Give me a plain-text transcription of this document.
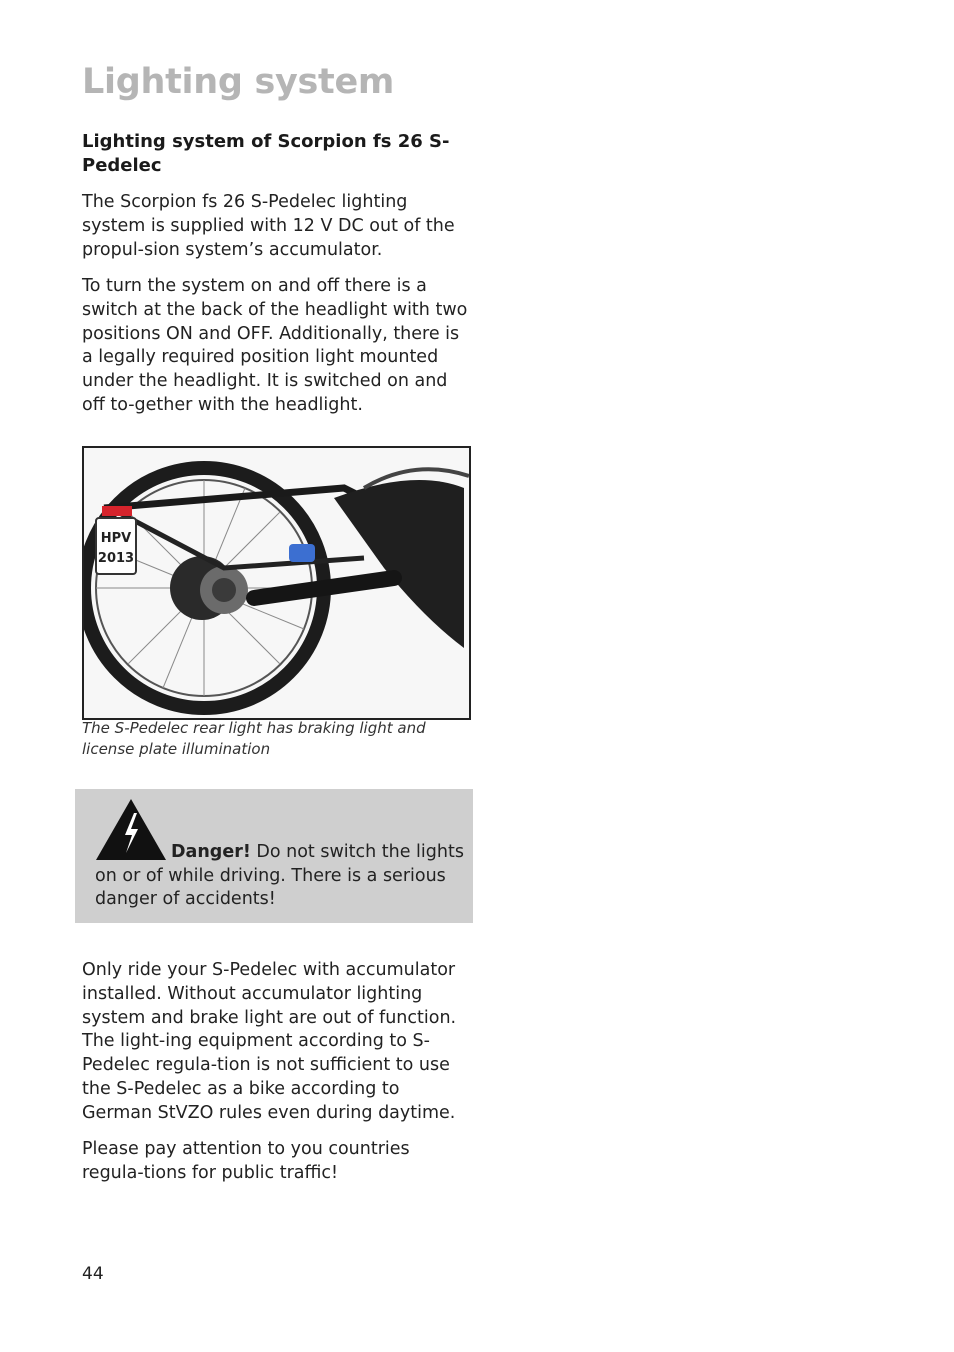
Lighting system
Lighting system of Scorpion fs 26 S-Pedelec

The Scorpion fs 26 S-Pedelec lighting system is supplied with 12 V DC out of the propul-sion system’s accumulator.

To turn the system on and off there is a switch at the back of the headlight with two positions ON and OFF. Additionally, there is a legally required position light mounted under the headlight. It is switched on and off to-gether with the headlight.

HPV
2013

The S-Pedelec rear light has braking light and license plate illumination

Danger! Do not switch the lights on or of while driving. There is a serious danger of accidents!

Only ride your S-Pedelec with accumulator installed. Without accumulator lighting system and brake light are out of function. The light-ing equipment according to S-Pedelec regula-tion is not sufficient to use the S-Pedelec as a bike according to German StVZO rules even during daytime.

Please pay attention to you countries regula-tions for public traffic!

44
